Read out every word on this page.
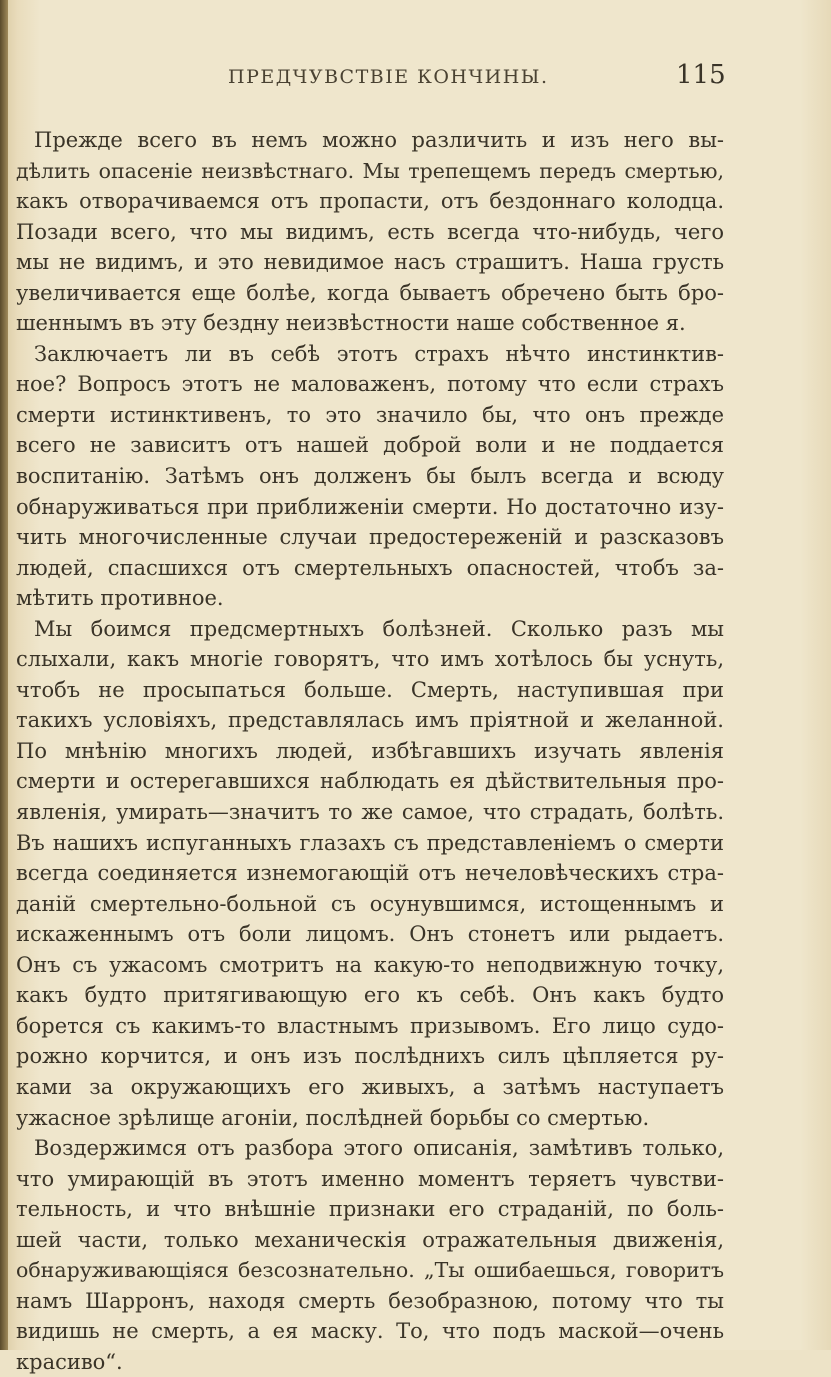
ПРЕДЧУВСТВІЕ КОНЧИНЫ.	115
Прежде всего въ немъ можно различить и изъ него вы-
дѣлить опасеніе неизвѣстнаго. Мы трепещемъ передъ смертью,
какъ отворачиваемся отъ пропасти, отъ бездоннаго колодца.
Позади всего, что мы видимъ, есть всегда что-нибудь, чего
мы не видимъ, и это невидимое насъ страшитъ. Наша грусть
увеличивается еще болѣе, когда бываетъ обречено быть бро-
шеннымъ въ эту бездну неизвѣстности наше собственное я.
Заключаетъ ли въ себѣ этотъ страхъ нѣчто инстинктив-
ное? Вопросъ этотъ не маловаженъ, потому что если страхъ
смерти истинктивенъ, то это значило бы, что онъ прежде
всего не зависитъ отъ нашей доброй воли и не поддается
воспитанію. Затѣмъ онъ долженъ бы былъ всегда и всюду
обнаруживаться при приближеніи смерти. Но достаточно изу-
чить многочисленные случаи предостереженій и разсказовъ
людей, спасшихся отъ смертельныхъ опасностей, чтобъ за-
мѣтить противное.
Мы боимся предсмертныхъ болѣзней. Сколько разъ мы
слыхали, какъ многіе говорятъ, что имъ хотѣлось бы уснуть,
чтобъ не просыпаться больше. Смерть, наступившая при
такихъ условіяхъ, представлялась имъ пріятной и желанной.
По мнѣнію многихъ людей, избѣгавшихъ изучать явленія
смерти и остерегавшихся наблюдать ея дѣйствительныя про-
явленія, умирать—значитъ то же самое, что страдать, болѣть.
Въ нашихъ испуганныхъ глазахъ съ представленіемъ о смерти
всегда соединяется изнемогающій отъ нечеловѣческихъ стра-
даній смертельно-больной съ осунувшимся, истощеннымъ и
искаженнымъ отъ боли лицомъ. Онъ стонетъ или рыдаетъ.
Онъ съ ужасомъ смотритъ на какую-то неподвижную точку,
какъ будто притягивающую его къ себѣ. Онъ какъ будто
борется съ какимъ-то властнымъ призывомъ. Его лицо судо-
рожно корчится, и онъ изъ послѣднихъ силъ цѣпляется ру-
ками за окружающихъ его живыхъ, а затѣмъ наступаетъ
ужасное зрѣлище агоніи, послѣдней борьбы со смертью.
Воздержимся отъ разбора этого описанія, замѣтивъ только,
что умирающій въ этотъ именно моментъ теряетъ чувстви-
тельность, и что внѣшніе признаки его страданій, по боль-
шей части, только механическія отражательныя движенія,
обнаруживающіяся безсознательно. „Ты ошибаешься, говоритъ
намъ Шарронъ, находя смерть безобразною, потому что ты
видишь не смерть, а ея маску. То, что подъ маской—очень
красиво“.
